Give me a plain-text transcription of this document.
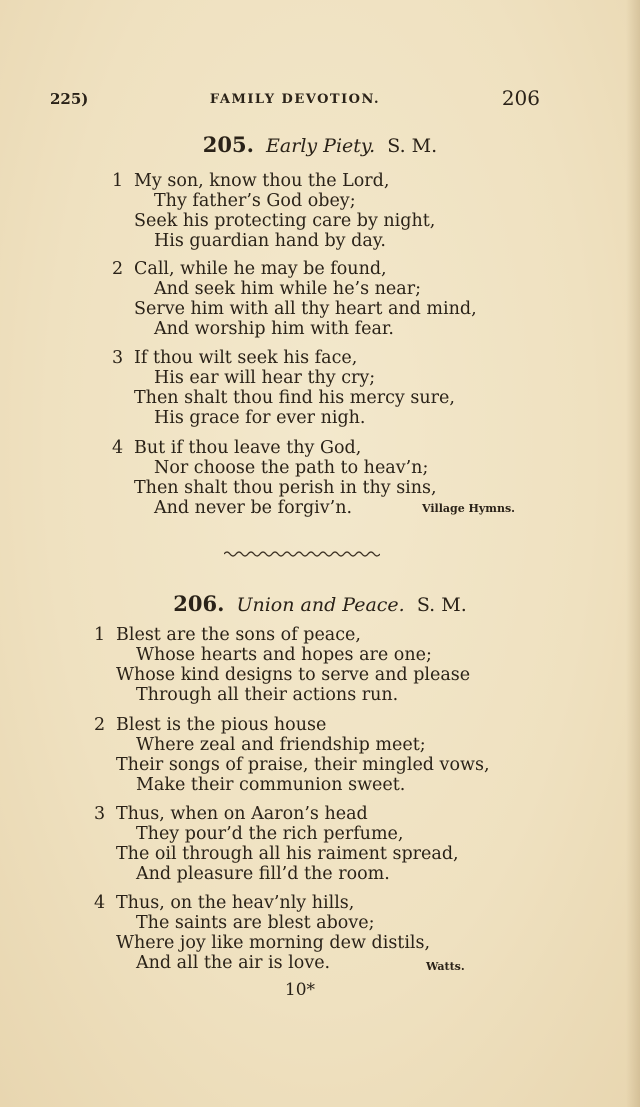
225)	FAMILY DEVOTION.	206
205. Early Piety. S. M.
1 My son, know thou the Lord,
Thy father’s God obey;
Seek his protecting care by night,
His guardian hand by day.
2 Call, while he may be found,
And seek him while he’s near;
Serve him with all thy heart and mind,
And worship him with fear.
3 If thou wilt seek his face,
His ear will hear thy cry;
Then shalt thou find his mercy sure,
His grace for ever nigh.
4 But if thou leave thy God,
Nor choose the path to heav’n;
Then shalt thou perish in thy sins,
And never be forgiv’n.	Village Hymns.
206. Union and Peace. S. M.
1 Blest are the sons of peace,
Whose hearts and hopes are one;
Whose kind designs to serve and please
Through all their actions run.
2 Blest is the pious house
Where zeal and friendship meet;
Their songs of praise, their mingled vows,
Make their communion sweet.
3 Thus, when on Aaron’s head
They pour’d the rich perfume,
The oil through all his raiment spread,
And pleasure fill’d the room.
4 Thus, on the heav’nly hills,
The saints are blest above;
Where joy like morning dew distils,
And all the air is love.	Watts.
10*
